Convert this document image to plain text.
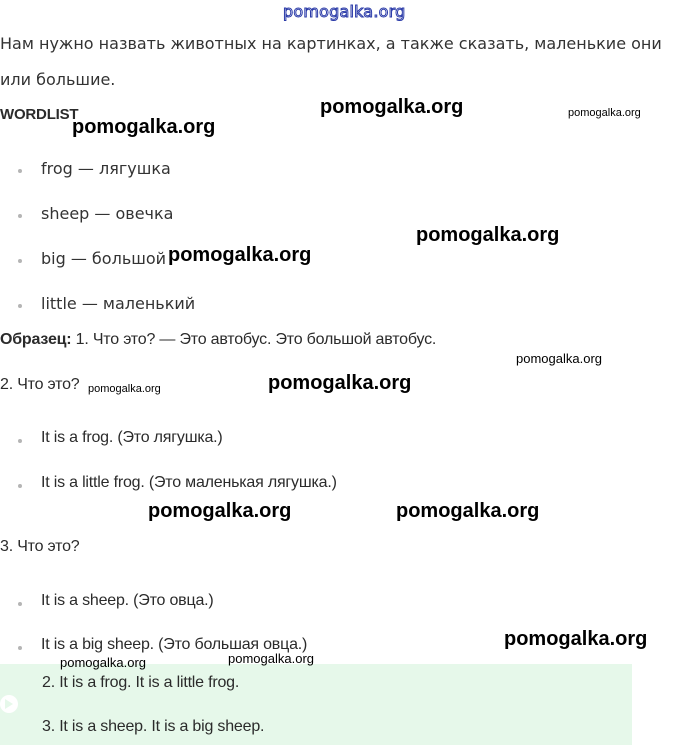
pomogalka.org
Нам нужно назвать животных на картинках, а также сказать, маленькие они
или большие.
WORDLIST
frog — лягушка
sheep — овечка
big — большой
little — маленький
Образец: 1. Что это? — Это автобус. Это большой автобус.
2. Что это?
It is a frog. (Это лягушка.)
It is a little frog. (Это маленькая лягушка.)
3. Что это?
It is a sheep. (Это овца.)
It is a big sheep. (Это большая овца.)
2. It is a frog. It is a little frog.
3. It is a sheep. It is a big sheep.
pomogalka.org
pomogalka.org
pomogalka.org
pomogalka.org
pomogalka.org
pomogalka.org
pomogalka.org	pomogalka.org
pomogalka.org	pomogalka.org
pomogalka.org
pomogalka.org	pomogalka.org
